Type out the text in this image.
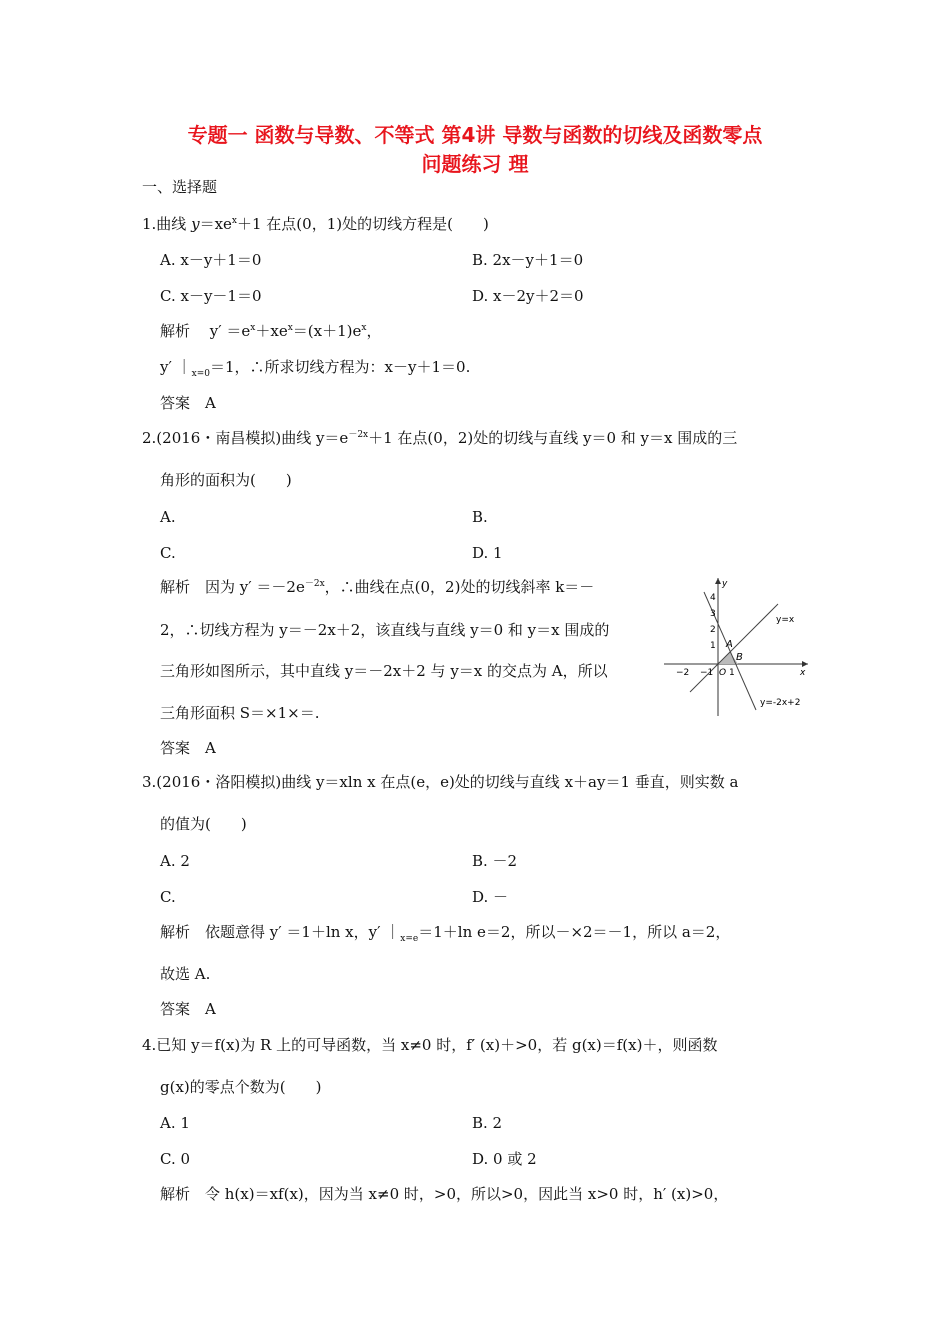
专题一 函数与导数、不等式 第4讲 导数与函数的切线及函数零点
问题练习 理
一、选择题
1.曲线 $y=xe^x+1$ 在点(0，1)处的切线方程是(　　)
A. x－y＋1＝0	B. 2x－y＋1＝0
C. x－y－1＝0	D. x－2y＋2＝0
解析　 $y' =e^x+xe^x=(x+1)e^x$，
y′ $|_{x=0}=1$，∴所求切线方程为：x－y＋1＝0.
答案　A
2.(2016・南昌模拟)曲线 $y=e^{-2x}+1$ 在点(0，2)处的切线与直线 y＝0 和 y＝x 围成的三
角形的面积为(　　)
A.	B.
C.	D. 1
解析　因为 $y' =-2e^{-2x}$，∴曲线在点(0，2)处的切线斜率 k＝－
2，∴切线方程为 y＝－2x＋2，该直线与直线 y＝0 和 y＝x 围成的
三角形如图所示，其中直线 y＝－2x＋2 与 y＝x 的交点为 A，所以
三角形面积 S＝×1×＝.
答案　A
y
x
y=x
y=-2x+2
A
B
O
−2 −1 1
4
3
2
1
3.(2016・洛阳模拟)曲线 y＝xln x 在点(e，e)处的切线与直线 x＋ay＝1 垂直，则实数 a
的值为(　　)
A. 2	B. －2
C.	D. －
解析　依题意得 y′ ＝1＋ln x，y′ $|_{x=e}=1+\ln$ e＝2，所以－×2＝－1，所以 a＝2，
故选 A.
答案　A
4.已知 y＝f(x)为 R 上的可导函数，当 x≠0 时，f′ (x)＋>0，若 g(x)＝f(x)＋，则函数
g(x)的零点个数为(　　)
A. 1	B. 2
C. 0	D. 0 或 2
解析　令 h(x)＝xf(x)，因为当 x≠0 时，>0，所以>0，因此当 x>0 时，h′ (x)>0，
